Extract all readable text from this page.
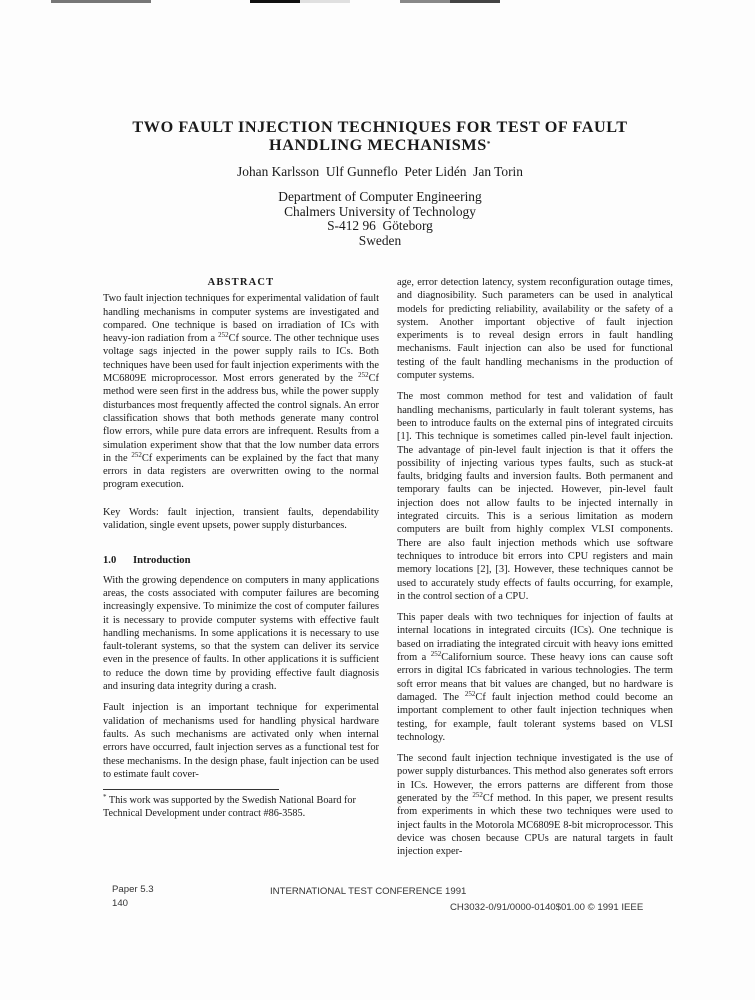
TWO FAULT INJECTION TECHNIQUES FOR TEST OF FAULT
HANDLING MECHANISMS*
Johan Karlsson  Ulf Gunneflo  Peter Lidén  Jan Torin
Department of Computer Engineering
Chalmers University of Technology
S-412 96  Göteborg
Sweden
ABSTRACT

Two fault injection techniques for experimental validation of fault handling mechanisms in computer systems are investigated and compared. One technique is based on irradiation of ICs with heavy-ion radiation from a $^{252}$Cf source. The other technique uses voltage sags injected in the power supply rails to ICs. Both techniques have been used for fault injection experiments with the MC6809E microprocessor. Most errors generated by the $^{252}$Cf method were seen first in the address bus, while the power supply disturbances most frequently affected the control signals. An error classification shows that both methods generate many control flow errors, while pure data errors are infrequent. Results from a simulation experiment show that that the low number data errors in the $^{252}$Cf experiments can be explained by the fact that many errors in data registers are overwritten owing to the normal program execution.

Key Words: fault injection, transient faults, dependability validation, single event upsets, power supply disturbances.

1.0 Introduction

With the growing dependence on computers in many applications areas, the costs associated with computer failures are becoming increasingly expensive. To minimize the cost of computer failures it is necessary to provide computer systems with effective fault handling mechanisms. In some applications it is necessary to use fault-tolerant systems, so that the system can deliver its service even in the presence of faults. In other applications it is sufficient to reduce the down time by providing effective fault diagnosis and insuring data integrity during a crash.

Fault injection is an important technique for experimental validation of mechanisms used for handling physical hardware faults. As such mechanisms are activated only when internal errors have occurred, fault injection serves as a functional test for these mechanisms. In the design phase, fault injection can be used to estimate fault cover-

* This work was supported by the Swedish National Board for Technical Development under contract #86-3585.

age, error detection latency, system reconfiguration outage times, and diagnosibility. Such parameters can be used in analytical models for predicting reliability, availability or the safety of a system. Another important objective of fault injection experiments is to reveal design errors in fault handling mechanisms. Fault injection can also be used for functional testing of the fault handling mechanisms in the production of computer systems.

The most common method for test and validation of fault handling mechanisms, particularly in fault tolerant systems, has been to introduce faults on the external pins of integrated circuits [1]. This technique is sometimes called pin-level fault injection. The advantage of pin-level fault injection is that it offers the possibility of injecting various types faults, such as stuck-at faults, bridging faults and inversion faults. Both permanent and temporary faults can be injected. However, pin-level fault injection does not allow faults to be injected internally in integrated circuits. This is a serious limitation as modern computers are built from highly complex VLSI components. There are also fault injection methods which use software techniques to introduce bit errors into CPU registers and main memory locations [2], [3]. However, these techniques cannot be used to accurately study effects of faults occurring, for example, in the control section of a CPU.

This paper deals with two techniques for injection of faults at internal locations in integrated circuits (ICs). One technique is based on irradiating the integrated circuit with heavy ions emitted from a $^{252}$Californium source. These heavy ions can cause soft errors in digital ICs fabricated in various technologies. The term soft error means that bit values are changed, but no hardware is damaged. The $^{252}$Cf fault injection method could become an important complement to other fault injection techniques when testing, for example, fault tolerant systems based on VLSI technology.

The second fault injection technique investigated is the use of power supply disturbances. This method also generates soft errors in ICs. However, the errors patterns are different from those generated by the $^{252}$Cf method. In this paper, we present results from experiments in which these two techniques were used to inject faults in the Motorola MC6809E 8-bit microprocessor. This device was chosen because CPUs are natural targets in fault injection exper-

Paper 5.3
140
INTERNATIONAL TEST CONFERENCE 1991
CH3032-0/91/0000-0140$01.00 © 1991 IEEE
